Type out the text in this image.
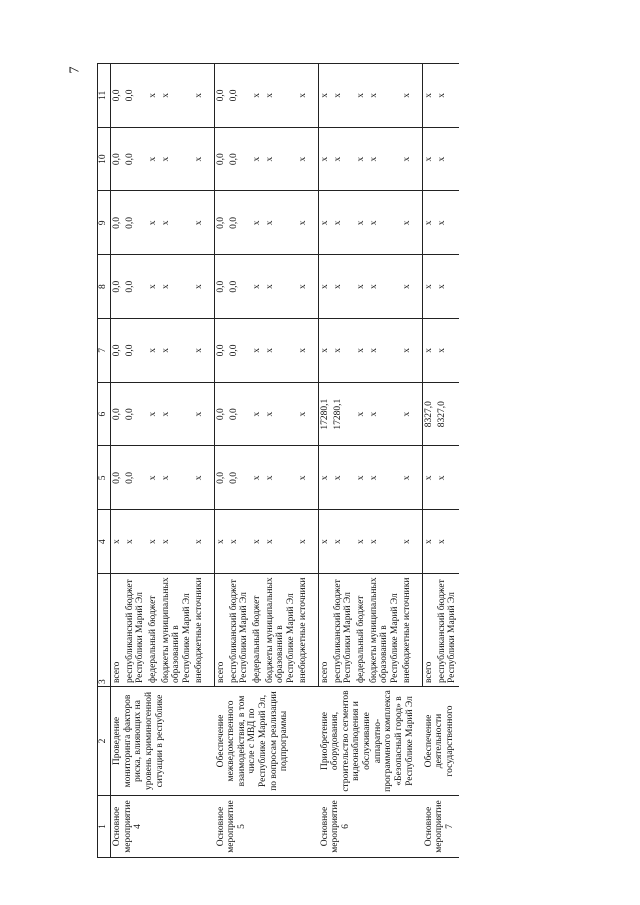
7
1	2	3	4	5	6	7	8	9	10	11
Основное мероприятие 4	Проведение мониторинга факторов риска, влияющих на уровень криминогенной ситуации в республике	всего	x	0,0	0,0	0,0	0,0	0,0	0,0	0,0
		республиканский бюджет Республики Марий Эл	x	0,0	0,0	0,0	0,0	0,0	0,0	0,0
		федеральный бюджет	x	x	x	x	x	x	x	x
		бюджеты муниципальных образований в Республике Марий Эл	x	x	x	x	x	x	x	x
		внебюджетные источники	x	x	x	x	x	x	x	x

Основное мероприятие 5	Обеспечение межведомственного взаимодействия, в том числе с МВД по Республике Марий Эл, по вопросам реализации подпрограммы	всего	x	0,0	0,0	0,0	0,0	0,0	0,0	0,0
		республиканский бюджет Республики Марий Эл	x	0,0	0,0	0,0	0,0	0,0	0,0	0,0
		федеральный бюджет	x	x	x	x	x	x	x	x
		бюджеты муниципальных образований в Республике Марий Эл	x	x	x	x	x	x	x	x
		внебюджетные источники	x	x	x	x	x	x	x	x

Основное мероприятие 6	Приобретение оборудования, строительство сегментов видеонаблюдения и обслуживание аппаратно-программного комплекса «Безопасный город» в Республике Марий Эл	всего	x	x	17280,1	x	x	x	x	x
		республиканский бюджет Республики Марий Эл	x	x	17280,1	x	x	x	x	x
		федеральный бюджет	x	x	x	x	x	x	x	x
		бюджеты муниципальных образований в Республике Марий Эл	x	x	x	x	x	x	x	x
		внебюджетные источники	x	x	x	x	x	x	x	x

Основное мероприятие 7	Обеспечение деятельности государственного	всего	x	x	8327,0	x	x	x	x	x
		республиканский бюджет Республики Марий Эл	x	x	8327,0	x	x	x	x	x
